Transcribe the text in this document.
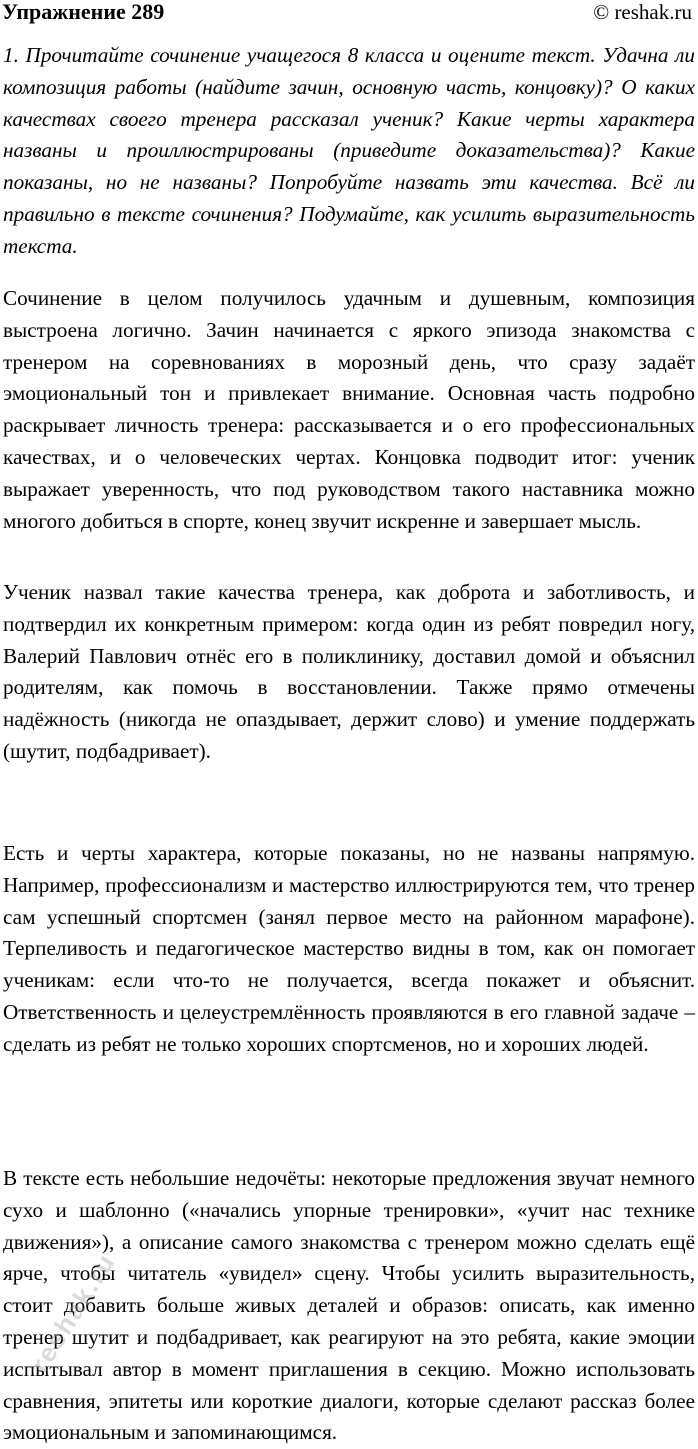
Упражнение 289	© reshak.ru

1. Прочитайте сочинение учащегося 8 класса и оцените текст. Удачна ли композиция работы (найдите зачин, основную часть, концовку)? О каких качествах своего тренера рассказал ученик? Какие черты характера названы и проиллюстрированы (приведите доказательства)? Какие показаны, но не названы? Попробуйте назвать эти качества. Всё ли правильно в тексте сочинения? Подумайте, как усилить выразительность текста.

Сочинение в целом получилось удачным и душевным, композиция выстроена логично. Зачин начинается с яркого эпизода знакомства с тренером на соревнованиях в морозный день, что сразу задаёт эмоциональный тон и привлекает внимание. Основная часть подробно раскрывает личность тренера: рассказывается и о его профессиональных качествах, и о человеческих чертах. Концовка подводит итог: ученик выражает уверенность, что под руководством такого наставника можно многого добиться в спорте, конец звучит искренне и завершает мысль.

Ученик назвал такие качества тренера, как доброта и заботливость, и подтвердил их конкретным примером: когда один из ребят повредил ногу, Валерий Павлович отнёс его в поликлинику, доставил домой и объяснил родителям, как помочь в восстановлении. Также прямо отмечены надёжность (никогда не опаздывает, держит слово) и умение поддержать (шутит, подбадривает).

Есть и черты характера, которые показаны, но не названы напрямую. Например, профессионализм и мастерство иллюстрируются тем, что тренер сам успешный спортсмен (занял первое место на районном марафоне). Терпеливость и педагогическое мастерство видны в том, как он помогает ученикам: если что-то не получается, всегда покажет и объяснит. Ответственность и целеустремлённость проявляются в его главной задаче – сделать из ребят не только хороших спортсменов, но и хороших людей.

В тексте есть небольшие недочёты: некоторые предложения звучат немного сухо и шаблонно («начались упорные тренировки», «учит нас технике движения»), а описание самого знакомства с тренером можно сделать ещё ярче, чтобы читатель «увидел» сцену. Чтобы усилить выразительность, стоит добавить больше живых деталей и образов: описать, как именно тренер шутит и подбадривает, как реагируют на это ребята, какие эмоции испытывал автор в момент приглашения в секцию. Можно использовать сравнения, эпитеты или короткие диалоги, которые сделают рассказ более эмоциональным и запоминающимся.

reshak.ru
